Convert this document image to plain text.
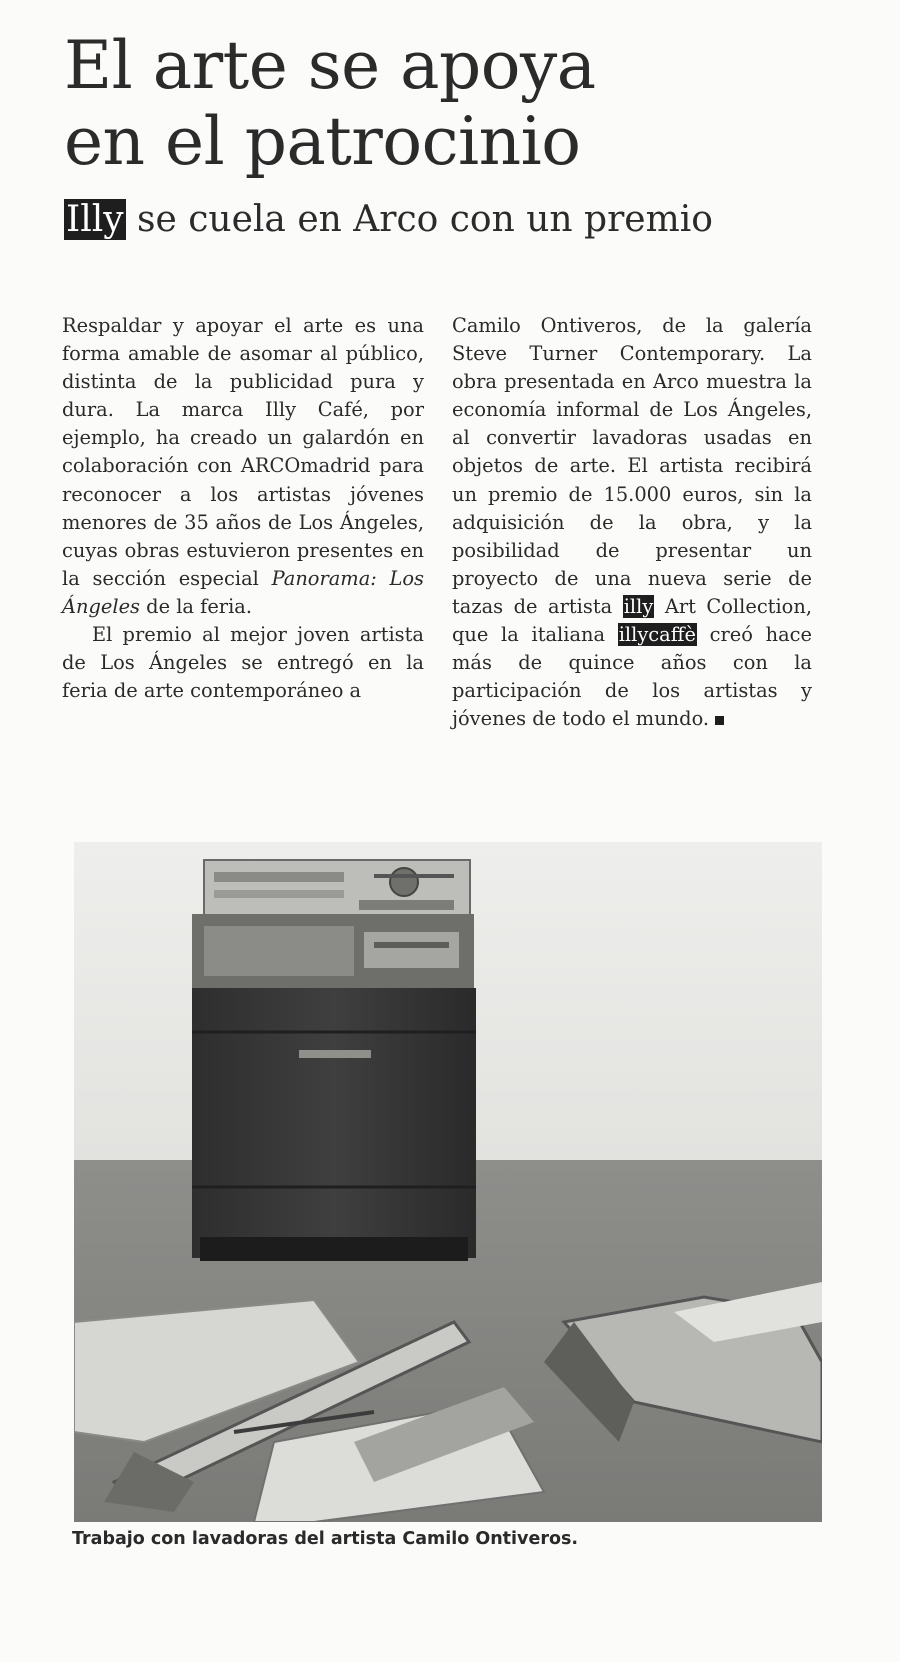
El arte se apoya
en el patrocinio
Illy se cuela en Arco con un premio

Respaldar y apoyar el arte es una forma amable de asomar al público, distinta de la publicidad pura y dura. La marca Illy Café, por ejemplo, ha creado un galardón en colaboración con ARCOmadrid para reconocer a los artistas jóvenes menores de 35 años de Los Ángeles, cuyas obras estuvieron presentes en la sección especial Panorama: Los Ángeles de la feria.

El premio al mejor joven artista de Los Ángeles se entregó en la feria de arte contemporáneo a

Camilo Ontiveros, de la galería Steve Turner Contemporary. La obra presentada en Arco muestra la economía informal de Los Ángeles, al convertir lavadoras usadas en objetos de arte. El artista recibirá un premio de 15.000 euros, sin la adquisición de la obra, y la posibilidad de presentar un proyecto de una nueva serie de tazas de artista illy Art Collection, que la italiana illycaffè creó hace más de quince años con la participación de los artistas y jóvenes de todo el mundo.

Trabajo con lavadoras del artista Camilo Ontiveros.
